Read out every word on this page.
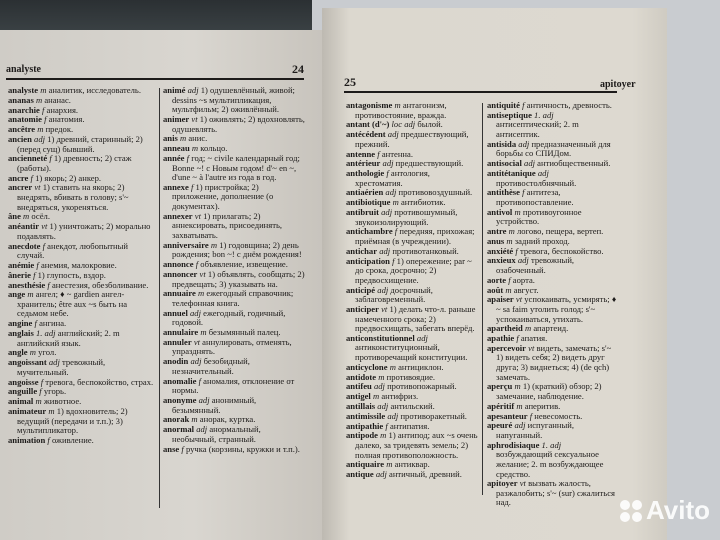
analyste	24
analyste m аналитик, исследователь.
ananas m ананас.
anarchie f анархия.
anatomie f анатомия.
ancêtre m предок.
ancien adj 1) древний, старинный; 2) (перед сущ) бывший.
ancienneté f 1) древность; 2) стаж (работы).
ancre f 1) якорь; 2) анкер.
ancrer vt 1) ставить на якорь; 2) внедрять, вбивать в голову; s'~ внедряться, укореняться.
âne m осёл.
anéantir vt 1) уничтожать; 2) морально подавлять.
anecdote f анекдот, любопытный случай.
anémie f анемия, малокровие.
ânerie f 1) глупость, вздор.
anesthésie f анестезия, обезболивание.
ange m ангел; ♦ ~ gardien ангел-хранитель; être aux ~s быть на седьмом небе.
angine f ангина.
anglais 1. adj английский; 2. m английский язык.
angle m угол.
angoissant adj тревожный, мучительный.
angoisse f тревога, беспокойство, страх.
anguille f угорь.
animal m животное.
animateur m 1) вдохновитель; 2) ведущий (передачи и т.п.); 3) мультипликатор.
animation f оживление.
animé adj 1) одушевлённый, живой; dessins ~s мультипликация, мультфильм; 2) оживлённый.
animer vt 1) оживлять; 2) вдохновлять, одушевлять.
anis m анис.
anneau m кольцо.
année f год; ~ civile календарный год; Bonne ~! с Новым годом! d'~ en ~, d'une ~ à l'autre из года в год.
annexe f 1) пристройка; 2) приложение, дополнение (о документах).
annexer vt 1) прилагать; 2) аннексировать, присоединять, захватывать.
anniversaire m 1) годовщина; 2) день рождения; bon ~! с днём рождения!
annonce f объявление, извещение.
annoncer vt 1) объявлять, сообщать; 2) предвещать; 3) указывать на.
annuaire m ежегодный справочник; телефонная книга.
annuel adj ежегодный, годичный, годовой.
annulaire m безымянный палец.
annuler vt аннулировать, отменять, упразднять.
anodin adj безобидный, незначительный.
anomalie f аномалия, отклонение от нормы.
anonyme adj анонимный, безымянный.
anorak m анорак, куртка.
anormal adj анормальный, необычный, странный.
anse f ручка (корзины, кружки и т.п.).
25	apitoyer
antagonisme m антагонизм, противостояние, вражда.
antant (d'~) loc adj былой.
antécédent adj предшествующий, прежний.
antenne f антенна.
antérieur adj предшествующий.
anthologie f антология, хрестоматия.
antiaérien adj противовоздушный.
antibiotique m антибиотик.
antibruit adj противошумный, звукоизолирующий.
antichambre f передняя, прихожая; приёмная (в учреждении).
antichar adj противотанковый.
anticipation f 1) опережение; par ~ до срока, досрочно; 2) предвосхищение.
anticipé adj досрочный, заблаговременный.
anticiper vt 1) делать что-л. раньше намеченного срока; 2) предвосхищать, забегать вперёд.
anticonstitutionnel adj антиконституционный, противоречащий конституции.
anticyclone m антициклон.
antidote m противоядие.
antifeu adj противопожарный.
antigel m антифриз.
antillais adj антильский.
antimissile adj противоракетный.
antipathie f антипатия.
antipode m 1) антипод; aux ~s очень далеко, за тридевять земель; 2) полная противоположность.
antiquaire m антиквар.
antique adj античный, древний.
antiquité f античность, древность.
antiseptique 1. adj антисептический; 2. m антисептик.
antisida adj предназначенный для борьбы со СПИДом.
antisocial adj антиобщественный.
antitétanique adj противостолбнячный.
antithèse f антитеза, противопоставление.
antivol m противоугонное устройство.
antre m логово, пещера, вертеп.
anus m задний проход.
anxiété f тревога, беспокойство.
anxieux adj тревожный, озабоченный.
aorte f аорта.
août m август.
apaiser vt успокаивать, усмирять; ♦ ~ sa faim утолить голод; s'~ успокаиваться, утихать.
apartheid m апартеид.
apathie f апатия.
apercevoir vt видеть, замечать; s'~ 1) видеть себя; 2) видеть друг друга; 3) виднеться; 4) (de qch) замечать.
aperçu m 1) (краткий) обзор; 2) замечание, наблюдение.
apéritif m аперитив.
apesanteur f невесомость.
apeuré adj испуганный, напуганный.
aphrodisiaque 1. adj возбуждающий сексуальное желание; 2. m возбуждающее средство.
apitoyer vt вызвать жалость, разжалобить; s'~ (sur) сжалиться над.	Avito
